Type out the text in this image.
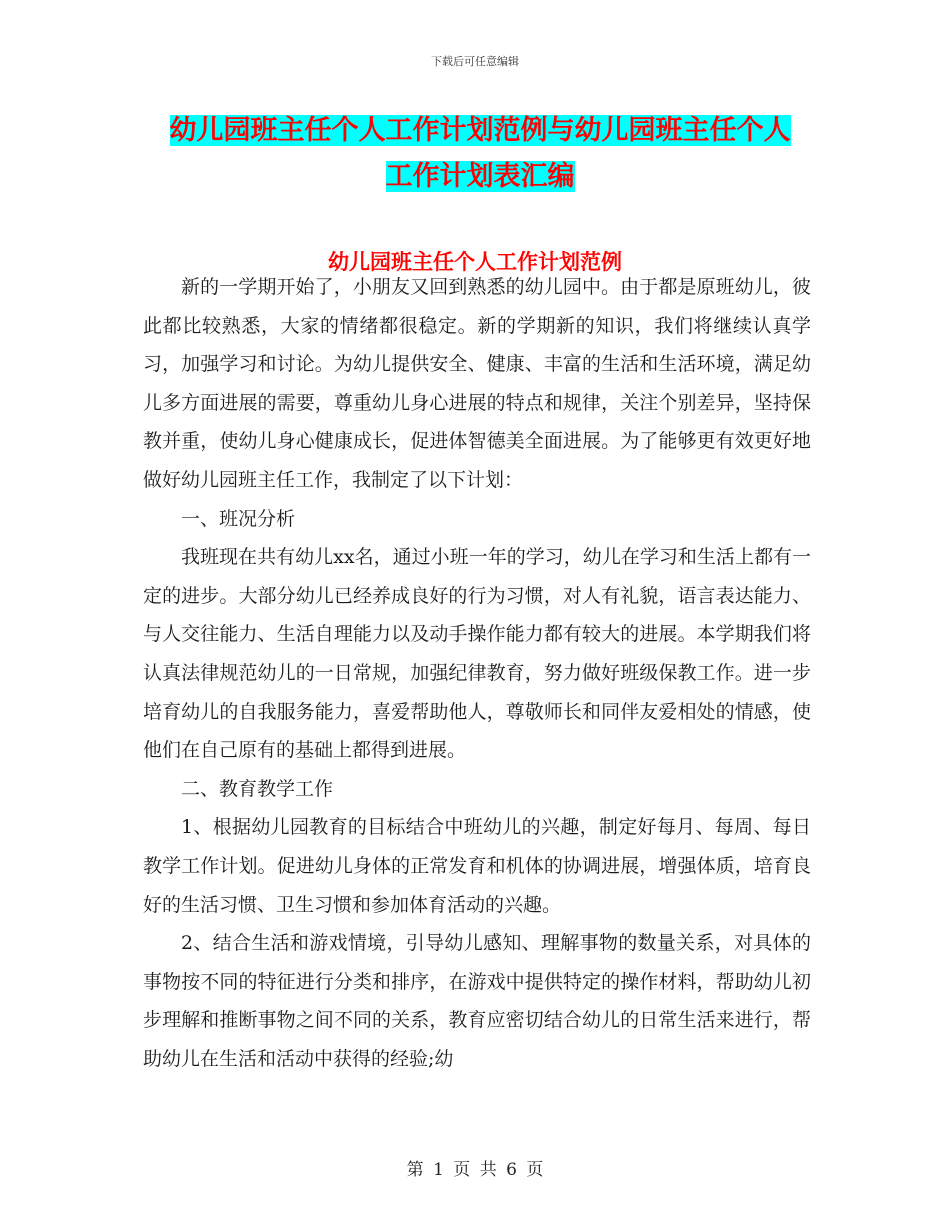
下载后可任意编辑
幼儿园班主任个人工作计划范例与幼儿园班主任个人
工作计划表汇编
幼儿园班主任个人工作计划范例

新的一学期开始了，小朋友又回到熟悉的幼儿园中。由于都是原班幼儿，彼此都比较熟悉，大家的情绪都很稳定。新的学期新的知识，我们将继续认真学习，加强学习和讨论。为幼儿提供安全、健康、丰富的生活和生活环境，满足幼儿多方面进展的需要，尊重幼儿身心进展的特点和规律，关注个别差异，坚持保教并重，使幼儿身心健康成长，促进体智德美全面进展。为了能够更有效更好地做好幼儿园班主任工作，我制定了以下计划：

一、班况分析

我班现在共有幼儿xx名，通过小班一年的学习，幼儿在学习和生活上都有一定的进步。大部分幼儿已经养成良好的行为习惯，对人有礼貌，语言表达能力、与人交往能力、生活自理能力以及动手操作能力都有较大的进展。本学期我们将认真法律规范幼儿的一日常规，加强纪律教育，努力做好班级保教工作。进一步培育幼儿的自我服务能力，喜爱帮助他人，尊敬师长和同伴友爱相处的情感，使他们在自己原有的基础上都得到进展。

二、教育教学工作

1、根据幼儿园教育的目标结合中班幼儿的兴趣，制定好每月、每周、每日教学工作计划。促进幼儿身体的正常发育和机体的协调进展，增强体质，培育良好的生活习惯、卫生习惯和参加体育活动的兴趣。

2、结合生活和游戏情境，引导幼儿感知、理解事物的数量关系，对具体的事物按不同的特征进行分类和排序，在游戏中提供特定的操作材料，帮助幼儿初步理解和推断事物之间不同的关系，教育应密切结合幼儿的日常生活来进行，帮助幼儿在生活和活动中获得的经验;幼

第 1 页 共 6 页
